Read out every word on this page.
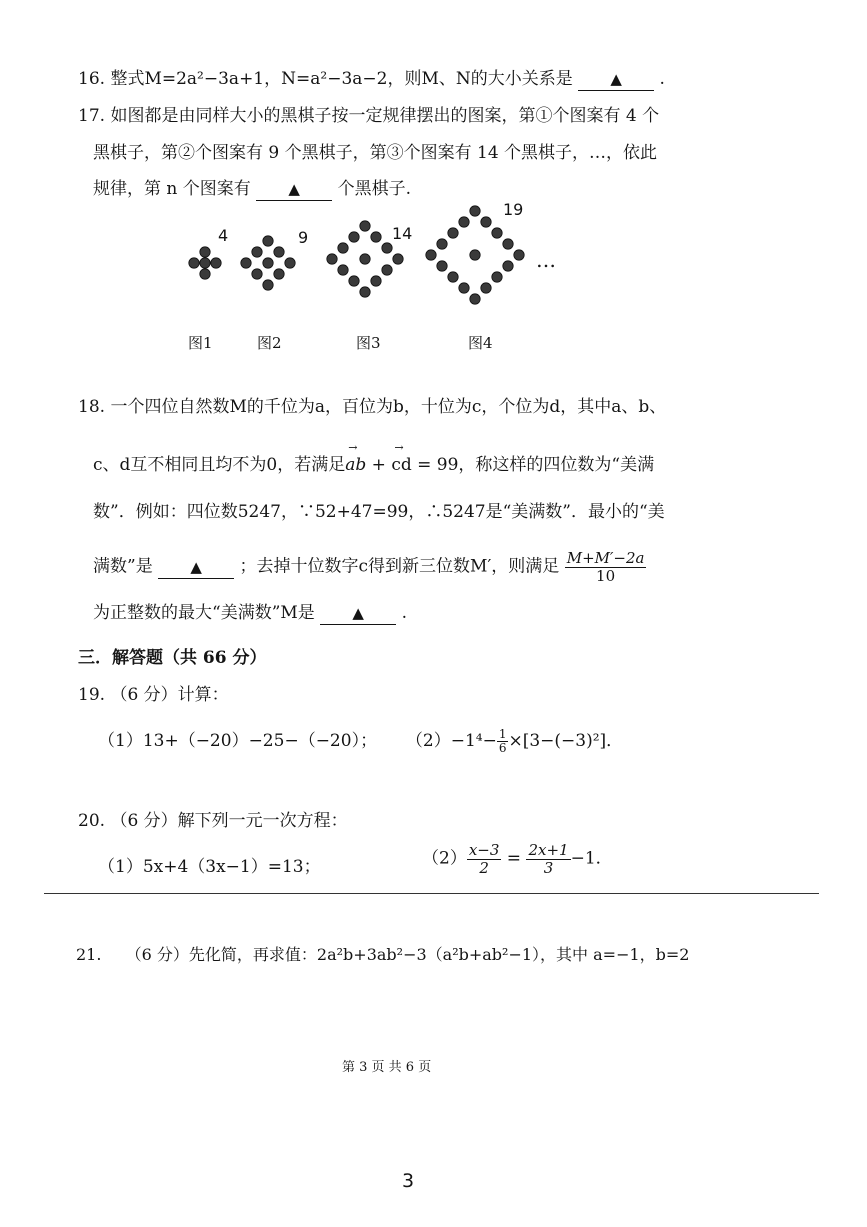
16. 整式M=2a²−3a+1，N=a²−3a−2，则M、N的大小关系是	▲ .
17. 如图都是由同样大小的黑棋子按一定规律摆出的图案，第①个图案有 4 个
黑棋子，第②个图案有 9 个黑棋子，第③个图案有 14 个黑棋子，…，依此
规律，第 n 个图案有	▲ 个黑棋子.
4	9	14
19
…
图1	图2	图3	图4
18. 一个四位自然数M的千位为a，百位为b，十位为c，个位为d，其中a、b、
c、d互不相同且均不为0，若满足
→
ab +
→
cd = 99，称这样的四位数为“美满
数”．例如：四位数5247，∵52+47=99，∴5247是“美满数”．最小的“美
满数”是	▲ ；去掉十位数字c得到新三位数M′，则满足 $\frac{M+M'-2a}{10}$
为正整数的最大“美满数”M是	▲ .
三．解答题（共 66 分）
19. （6 分）计算：
（1）13+（−20）−25−（−20）； $(2)-1^4- \frac{1}{6} \times[3-(-3)^2]$．
20. （6 分）解下列一元一次方程：
（1）5x+4（3x−1）=13；	$(2) \frac{x-3}{2} = \frac{2x+1}{3} -1$．
21. （6 分）先化简，再求值：2a²b+3ab²−3（a²b+ab²−1），其中 a=−1，b=2
第 3 页 共 6 页
3
